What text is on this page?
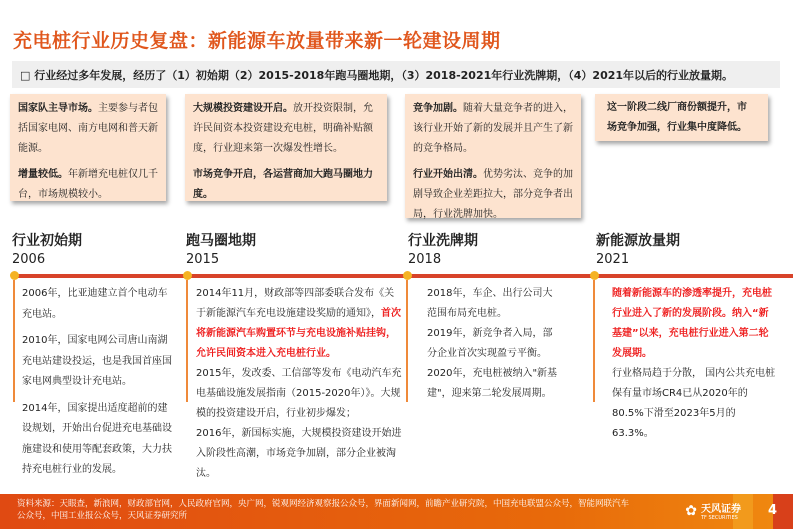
充电桩行业历史复盘：新能源车放量带来新一轮建设周期
□ 行业经过多年发展，经历了（1）初始期（2）2015-2018年跑马圈地期，（3）2018-2021年行业洗牌期，（4）2021年以后的行业放量期。

国家队主导市场。主要参与者包括国家电网、南方电网和普天新能源。

增量较低。年新增充电桩仅几千台，市场规模较小。

大规模投资建设开启。放开投资限制，允许民间资本投资建设充电桩，明确补贴额度，行业迎来第一次爆发性增长。

市场竞争开启，各运营商加大跑马圈地力度。

竞争加剧。随着大量竞争者的进入，该行业开始了新的发展并且产生了新的竞争格局。

行业开始出清。优势劣汰、竞争的加剧导致企业差距拉大，部分竞争者出局，行业洗牌加快。

这一阶段二线厂商份额提升，市场竞争加强，行业集中度降低。
行业初始期
2006
跑马圈地期
2015
行业洗牌期
2018
新能源放量期
2021

2006年，比亚迪建立首个电动车充电站。

2010年，国家电网公司唐山南湖充电站建设投运，也是我国首座国家电网典型设计充电站。

2014年，国家提出适度超前的建设规划，开始出台促进充电基础设施建设和使用等配套政策，大力扶持充电桩行业的发展。

2014年11月，财政部等四部委联合发布《关于新能源汽车充电设施建设奖励的通知》，首次将新能源汽车购置环节与充电设施补贴挂钩，允许民间资本进入充电桩行业。
2015年，发改委、工信部等发布《电动汽车充电基础设施发展指南（2015-2020年）》。大规模的投资建设开启，行业初步爆发；
2016年，新国标实施，大规模投资建设开始进入阶段性高潮，市场竞争加剧，部分企业被淘汰。
2018年，车企、出行公司大范围布局充电桩。
2019年，新竞争者入局，部分企业首次实现盈亏平衡。
2020年，充电桩被纳入"新基建"，迎来第二轮发展周期。
随着新能源车的渗透率提升，充电桩行业进入了新的发展阶段。纳入“新基建”以来，充电桩行业进入第二轮发展期。
行业格局趋于分散， 国内公共充电桩保有量市场CR4已从2020年的80.5%下滑至2023年5月的63.3%。
资料来源：天眼查，新浪网，财政部官网，人民政府官网，央广网，锐观网经济观察报公众号，界面新闻网，前瞻产业研究院，中国充电联盟公众号，智能网联汽车公众号，中国工业报公众号，天风证券研究所	✿ 天风证券
TF SECURITIES 4
